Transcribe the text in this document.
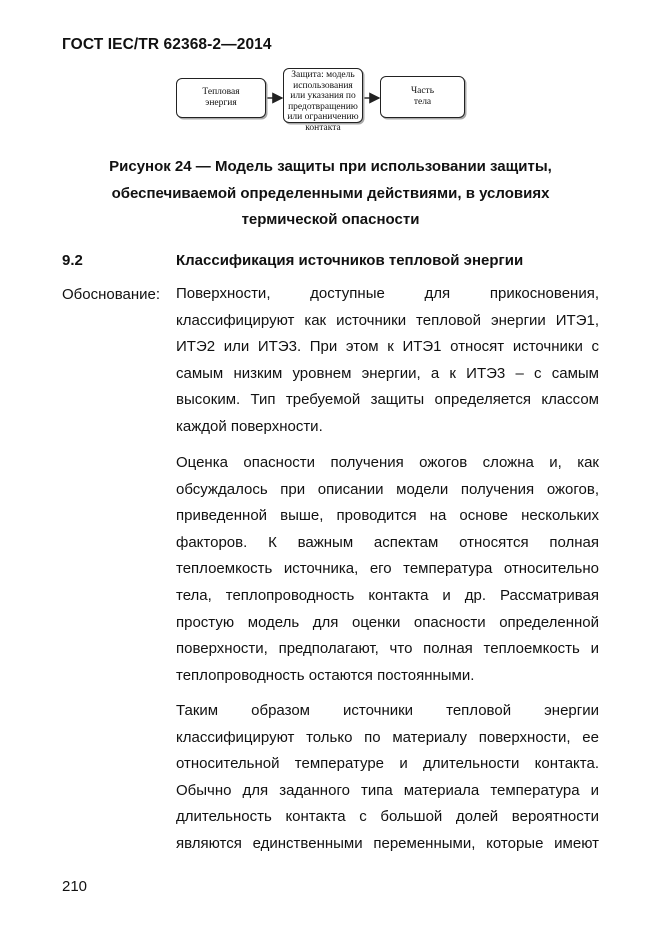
ГОСТ IEC/TR 62368-2—2014
Тепловая
энергия
Защита: модель
использования
или указания по
предотвращению
или ограничению
контакта
Часть
тела
Рисунок 24 — Модель защиты при использовании защиты,
обеспечиваемой определенными действиями, в условиях
термической опасности
9.2	Классификация источников тепловой энергии
Обоснование: Поверхности, доступные для прикосновения,
классифицируют как источники тепловой энергии ИТЭ1,
ИТЭ2 или ИТЭ3. При этом к ИТЭ1 относят источники с
самым низким уровнем энергии, а к ИТЭ3 – с самым
высоким. Тип требуемой защиты определяется классом
каждой поверхности.
Оценка опасности получения ожогов сложна и, как
обсуждалось при описании модели получения ожогов,
приведенной выше, проводится на основе нескольких
факторов. К важным аспектам относятся полная
теплоемкость источника, его температура относительно
тела, теплопроводность контакта и др. Рассматривая
простую модель для оценки опасности определенной
поверхности, предполагают, что полная теплоемкость и
теплопроводность остаются постоянными.
Таким образом источники тепловой энергии
классифицируют только по материалу поверхности, ее
относительной температуре и длительности контакта.
Обычно для заданного типа материала температура и
длительность контакта с большой долей вероятности
являются единственными переменными, которые имеют
210
